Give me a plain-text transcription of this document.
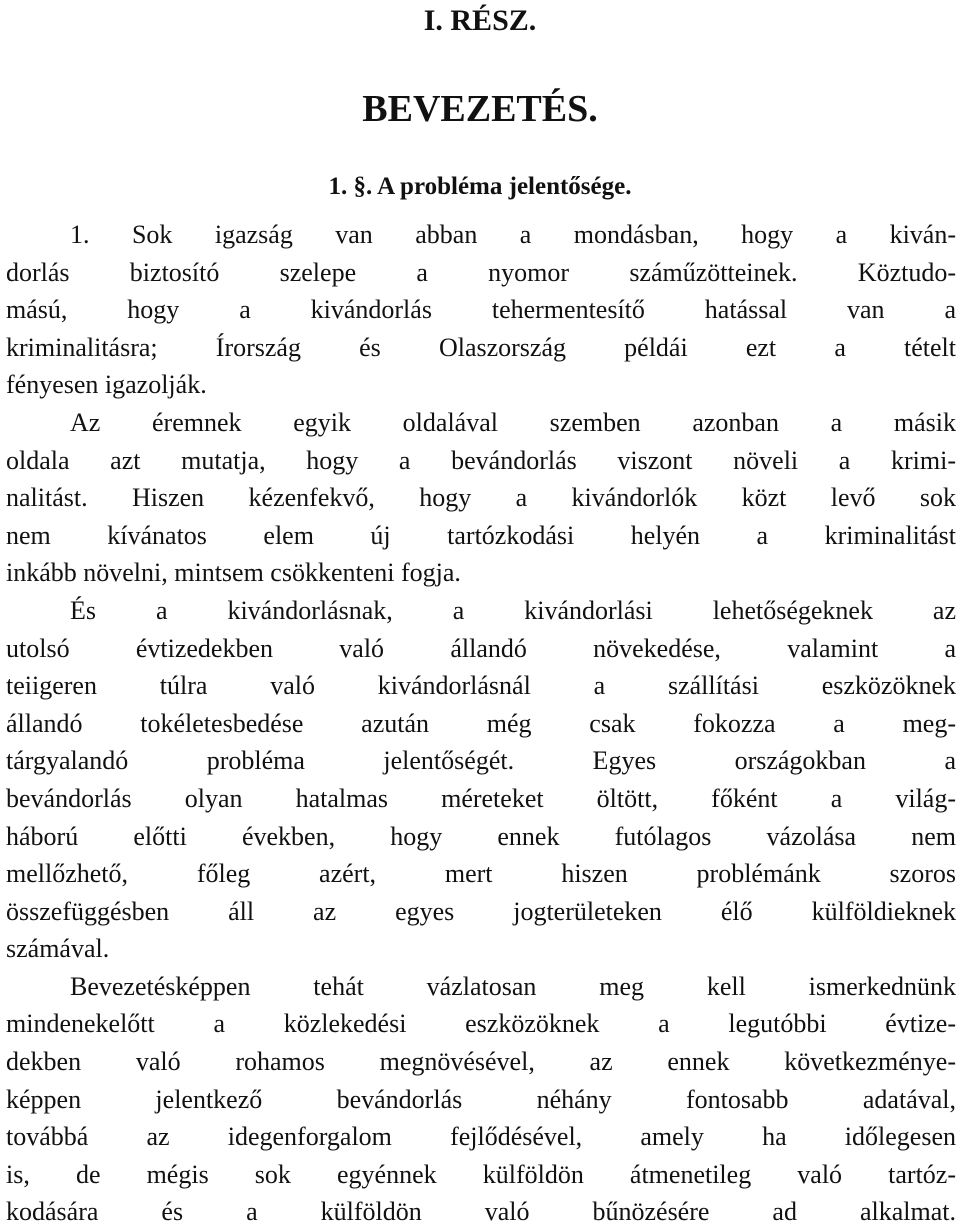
I. RÉSZ.
BEVEZETÉS.
1. §. A probléma jelentősége.
1. Sok igazság van abban a mondásban, hogy a kiván-
dorlás biztosító szelepe a nyomor száműzötteinek. Köztudo-
mású, hogy a kivándorlás tehermentesítő hatással van a
kriminalitásra; Írország és Olaszország példái ezt a tételt
fényesen igazolják.
Az éremnek egyik oldalával szemben azonban a másik
oldala azt mutatja, hogy a bevándorlás viszont növeli a krimi-
nalitást. Hiszen kézenfekvő, hogy a kivándorlók közt levő sok
nem kívánatos elem új tartózkodási helyén a kriminalitást
inkább növelni, mintsem csökkenteni fogja.
És a kivándorlásnak, a kivándorlási lehetőségeknek az
utolsó évtizedekben való állandó növekedése, valamint a
teiigeren túlra való kivándorlásnál a szállítási eszközöknek
állandó tokéletesbedése azután még csak fokozza a meg-
tárgyalandó probléma jelentőségét. Egyes országokban a
bevándorlás olyan hatalmas méreteket öltött, főként a világ-
háború előtti években, hogy ennek futólagos vázolása nem
mellőzhető, főleg azért, mert hiszen problémánk szoros
összefüggésben áll az egyes jogterületeken élő külföldieknek
számával.
Bevezetésképpen tehát vázlatosan meg kell ismerkednünk
mindenekelőtt a közlekedési eszközöknek a legutóbbi évtize-
dekben való rohamos megnövésével, az ennek következménye-
képpen jelentkező bevándorlás néhány fontosabb adatával,
továbbá az idegenforgalom fejlődésével, amely ha időlegesen
is, de mégis sok egyénnek külföldön átmenetileg való tartóz-
kodására és a külföldön való bűnözésére ad alkalmat.
